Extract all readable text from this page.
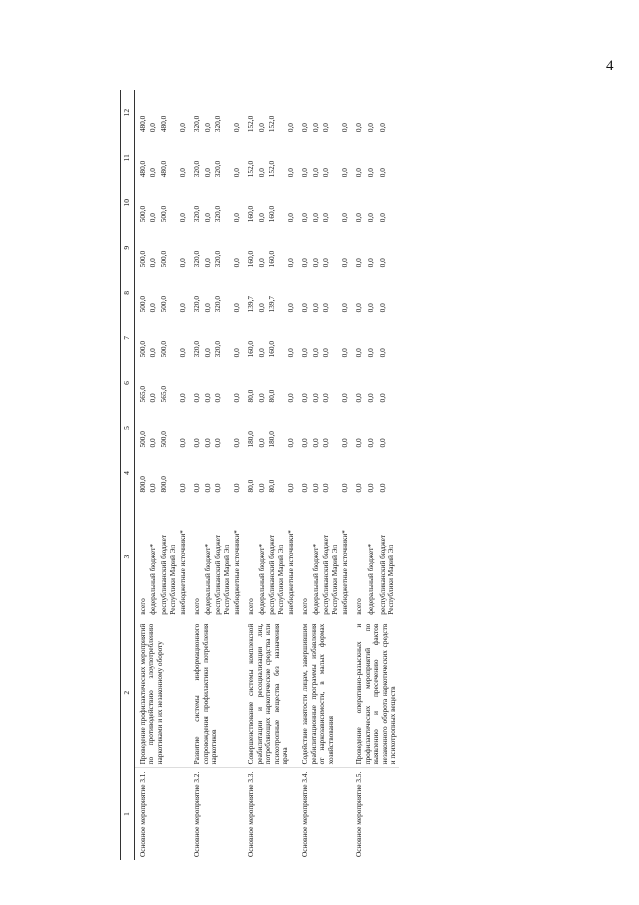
4
1	2	3	4	5	6	7	8	9	10	11	12
Основное мероприятие 3.1.	Проведение профилактических мероприятий по противодействию злоупотреблению наркотиками и их незаконному обороту	всего	800,0	500,0	565,0	500,0	500,0	500,0	500,0	480,0	480,0
		федеральный бюджет*	0,0	0,0	0,0	0,0	0,0	0,0	0,0	0,0	0,0
		республиканский бюджет Республики Марий Эл	800,0	500,0	565,0	500,0	500,0	500,0	500,0	480,0	480,0
		внебюджетные источники*	0,0	0,0	0,0	0,0	0,0	0,0	0,0	0,0	0,0
Основное мероприятие 3.2.	Развитие системы информационного сопровождения профилактики потребления наркотиков	всего	0,0	0,0	0,0	320,0	320,0	320,0	320,0	320,0	320,0
		федеральный бюджет*	0,0	0,0	0,0	0,0	0,0	0,0	0,0	0,0	0,0
		республиканский бюджет Республики Марий Эл	0,0	0,0	0,0	320,0	320,0	320,0	320,0	320,0	320,0
		внебюджетные источники*	0,0	0,0	0,0	0,0	0,0	0,0	0,0	0,0	0,0
Основное мероприятие 3.3.	Совершенствование системы комплексной реабилитации и ресоциализации лиц, потребляющих наркотические средства или психотропные вещества без назначения врача	всего	80,0	180,0	80,0	160,0	139,7	160,0	160,0	152,0	152,0
		федеральный бюджет*	0,0	0,0	0,0	0,0	0,0	0,0	0,0	0,0	0,0
		республиканский бюджет Республики Марий Эл	80,0	180,0	80,0	160,0	139,7	160,0	160,0	152,0	152,0
		внебюджетные источники*	0,0	0,0	0,0	0,0	0,0	0,0	0,0	0,0	0,0
Основное мероприятие 3.4.	Содействие занятости лицам, завершившим реабилитационные программы избавления от наркозависимости, в малых формах хозяйствования	всего	0,0	0,0	0,0	0,0	0,0	0,0	0,0	0,0	0,0
		федеральный бюджет*	0,0	0,0	0,0	0,0	0,0	0,0	0,0	0,0	0,0
		республиканский бюджет Республики Марий Эл	0,0	0,0	0,0	0,0	0,0	0,0	0,0	0,0	0,0
		внебюджетные источники*	0,0	0,0	0,0	0,0	0,0	0,0	0,0	0,0	0,0
Основное мероприятие 3.5.	Проведение оперативно-разыскных и профилактических мероприятий по выявлению и пресечению фактов незаконного оборота наркотических средств и психотропных веществ	всего	0,0	0,0	0,0	0,0	0,0	0,0	0,0	0,0	0,0
		федеральный бюджет*	0,0	0,0	0,0	0,0	0,0	0,0	0,0	0,0	0,0
		республиканский бюджет Республики Марий Эл	0,0	0,0	0,0	0,0	0,0	0,0	0,0	0,0	0,0
